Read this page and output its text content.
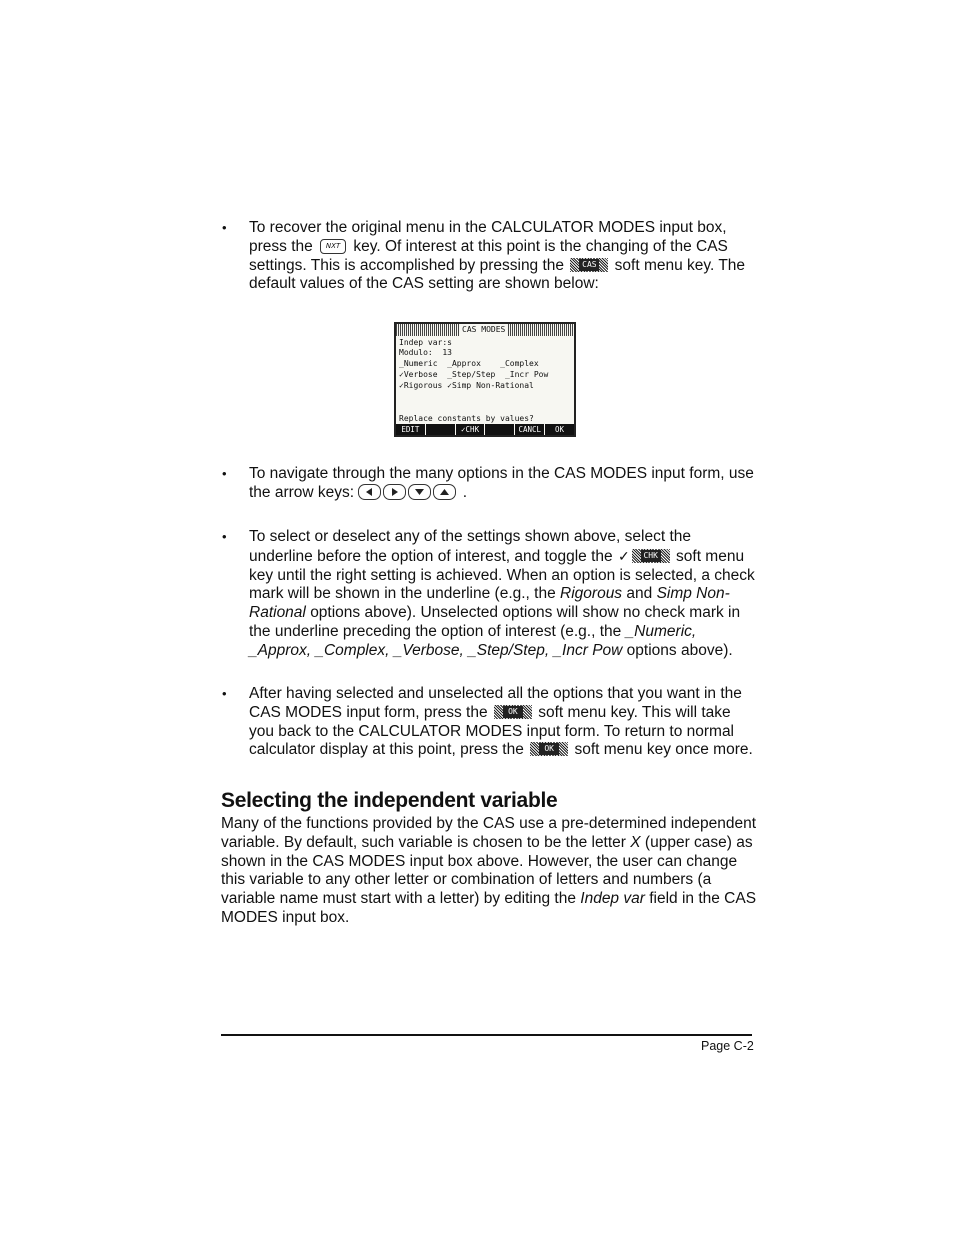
• To recover the original menu in the CALCULATOR MODES input box, press the	NXT key. Of interest at this point is the changing of the CAS settings. This is accomplished by pressing the	CAS soft menu key. The default values of the CAS setting are shown below:
CAS MODES
Indep var:s
Modulo:  13
_Numeric  _Approx    _Complex
✓Verbose  _Step/Step  _Incr Pow
✓Rigorous ✓Simp Non-Rational
Replace constants by values?
EDIT	✓CHK	CANCL	OK
• To navigate through the many options in the CAS MODES input form, use the arrow keys:	.
• To select or deselect any of the settings shown above, select the underline before the option of interest, and toggle the ✓	CHK soft menu key until the right setting is achieved. When an option is selected, a check mark will be shown in the underline (e.g., the Rigorous and Simp Non-Rational options above). Unselected options will show no check mark in the underline preceding the option of interest (e.g., the _Numeric, _Approx, _Complex, _Verbose, _Step/Step, _Incr Pow options above).
• After having selected and unselected all the options that you want in the CAS MODES input form, press the	OK	soft menu key. This will take you back to the CALCULATOR MODES input form. To return to normal calculator display at this point, press the	OK	soft menu key once more.
Selecting the independent variable
Many of the functions provided by the CAS use a pre-determined independent variable. By default, such variable is chosen to be the letter X (upper case) as shown in the CAS MODES input box above. However, the user can change this variable to any other letter or combination of letters and numbers (a variable name must start with a letter) by editing the Indep var field in the CAS MODES input box.
Page C-2
